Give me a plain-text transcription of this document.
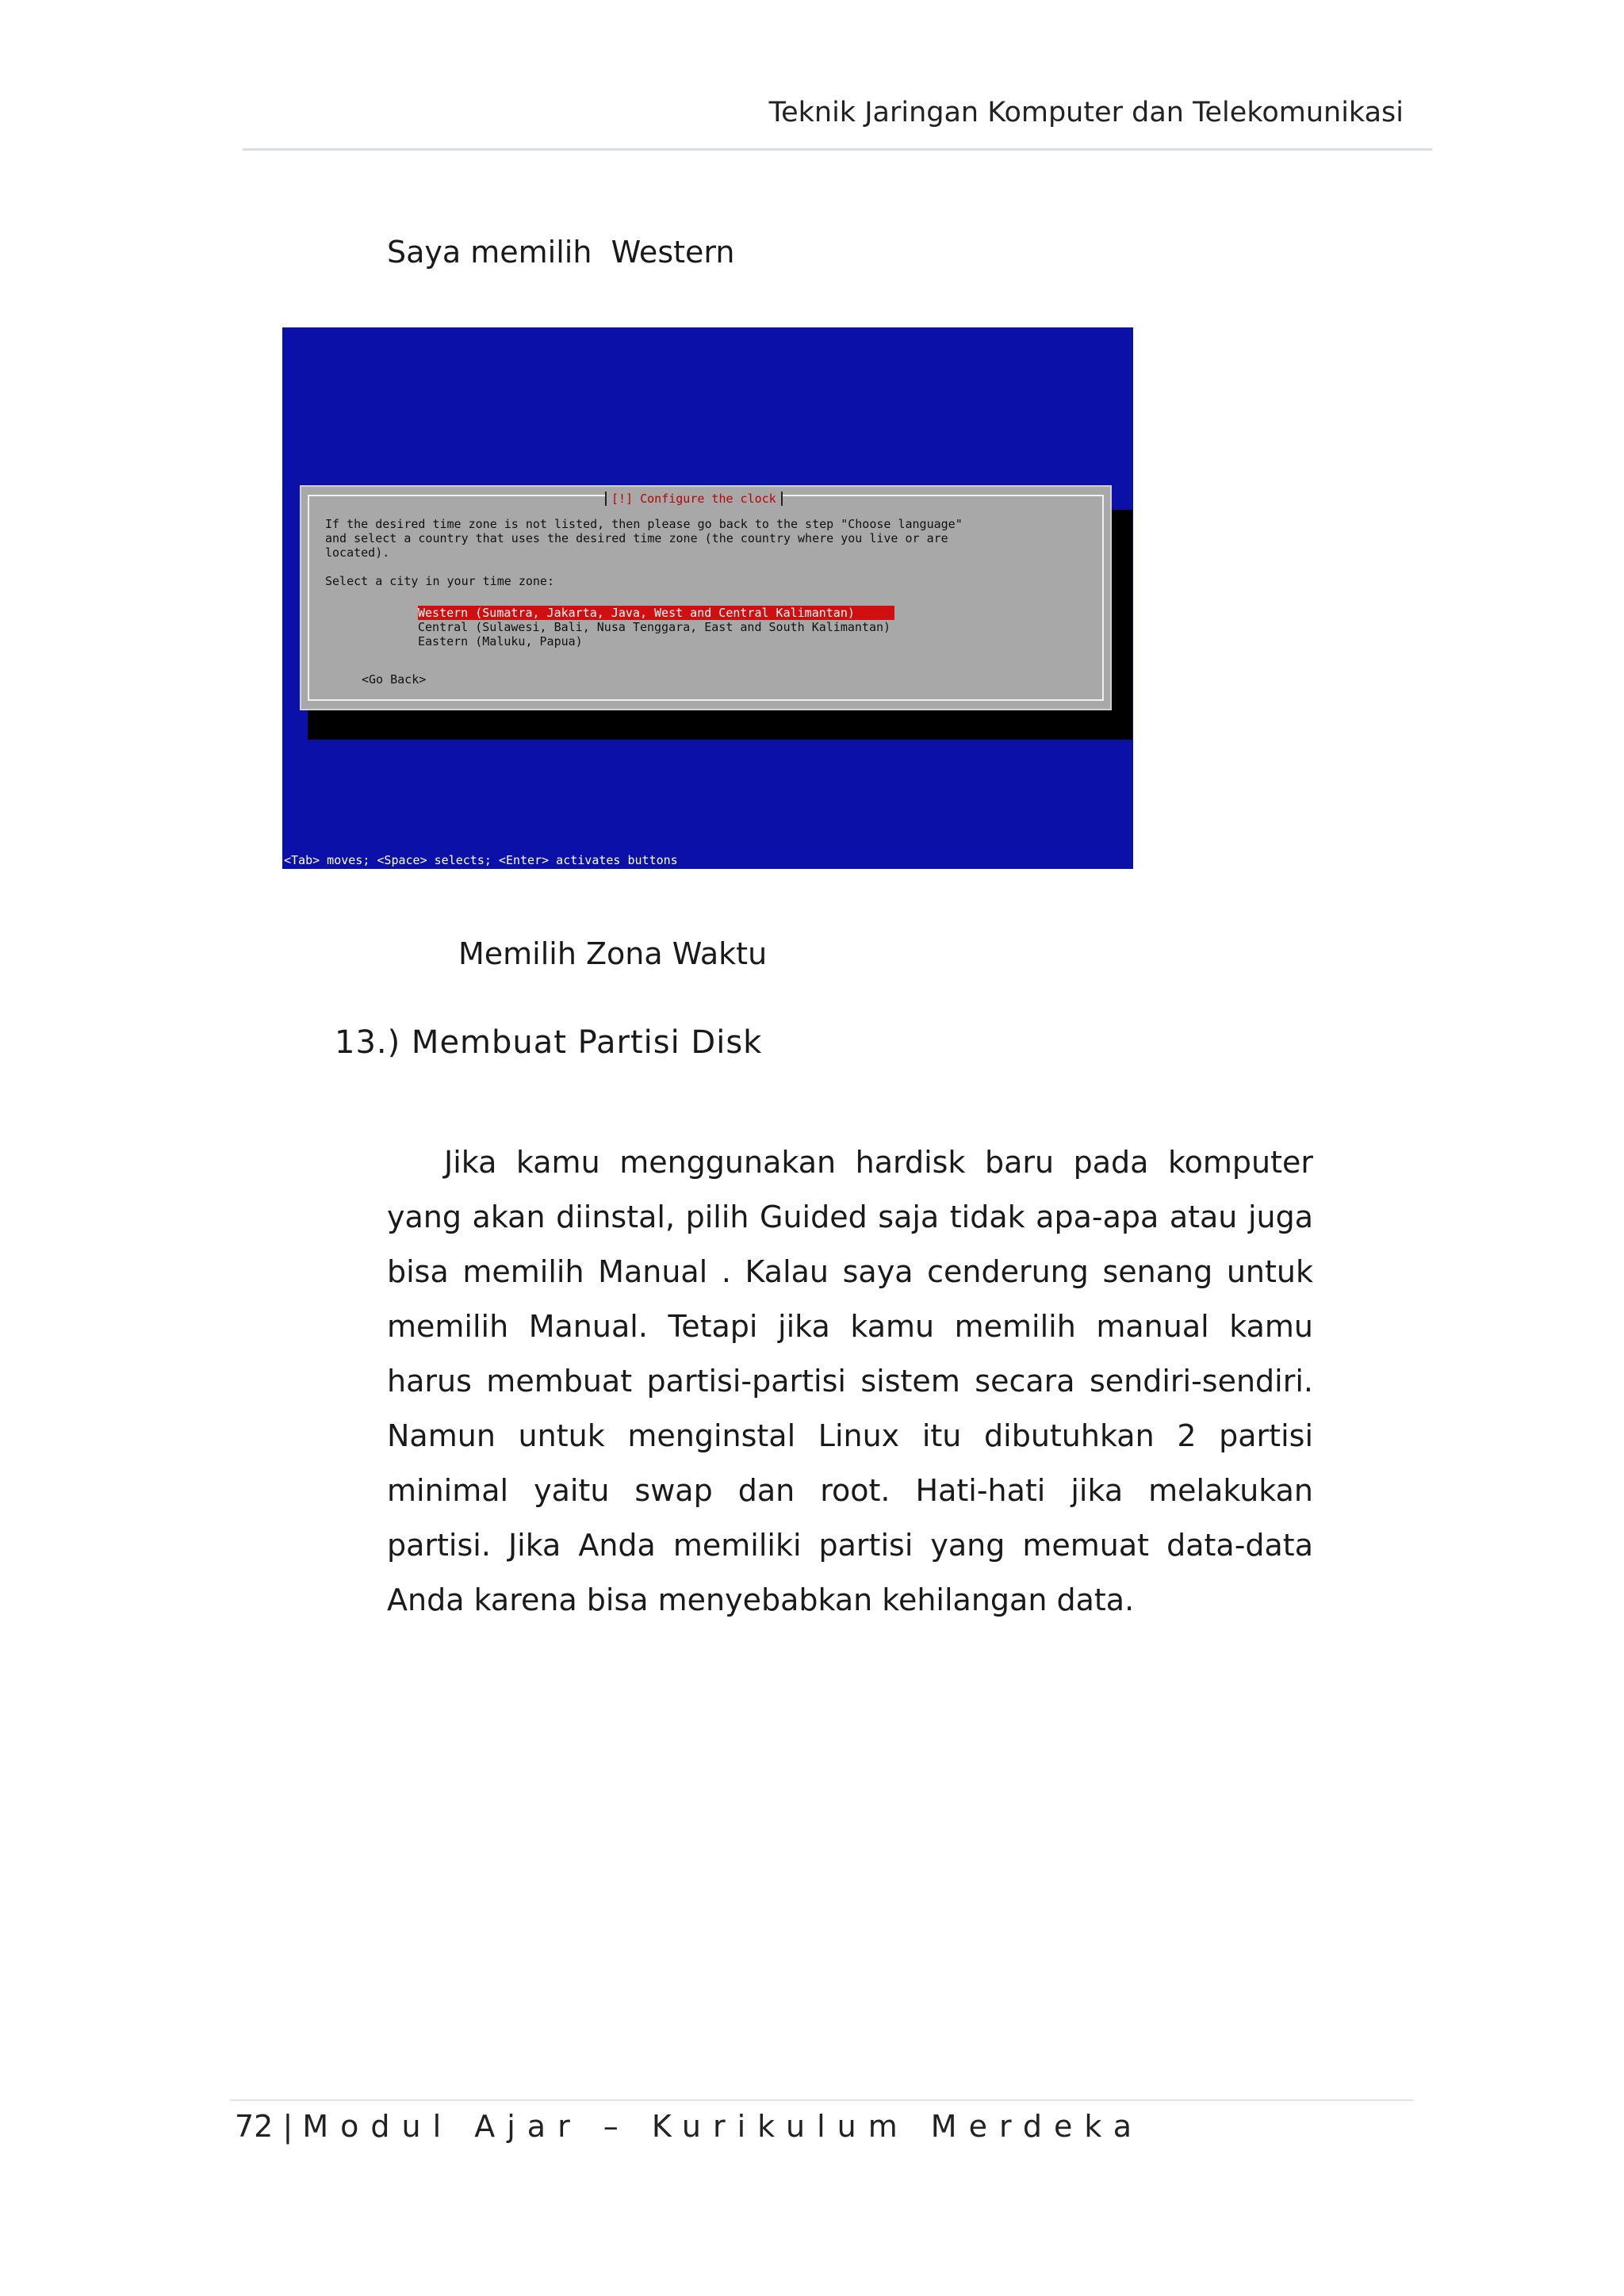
Teknik Jaringan Komputer dan Telekomunikasi
Saya memilih  Western
[!] Configure the clock
If the desired time zone is not listed, then please go back to the step "Choose language"
and select a country that uses the desired time zone (the country where you live or are
located).
Select a city in your time zone:
Western (Sumatra, Jakarta, Java, West and Central Kalimantan)
Central (Sulawesi, Bali, Nusa Tenggara, East and South Kalimantan)
Eastern (Maluku, Papua)
<Go Back>
<Tab> moves; <Space> selects; <Enter> activates buttons
Memilih Zona Waktu
13.) Membuat Partisi Disk

Jika kamu menggunakan hardisk baru pada komputer yang akan diinstal, pilih Guided saja tidak apa-apa atau juga bisa memilih Manual . Kalau saya cenderung senang untuk memilih Manual. Tetapi jika kamu memilih manual kamu harus membuat partisi-partisi sistem secara sendiri-sendiri. Namun untuk menginstal Linux itu dibutuhkan 2 partisi minimal yaitu swap dan root. Hati-hati jika melakukan partisi. Jika Anda memiliki partisi yang memuat data-data Anda karena bisa menyebabkan kehilangan data.

72 | Modul Ajar – Kurikulum Merdeka
